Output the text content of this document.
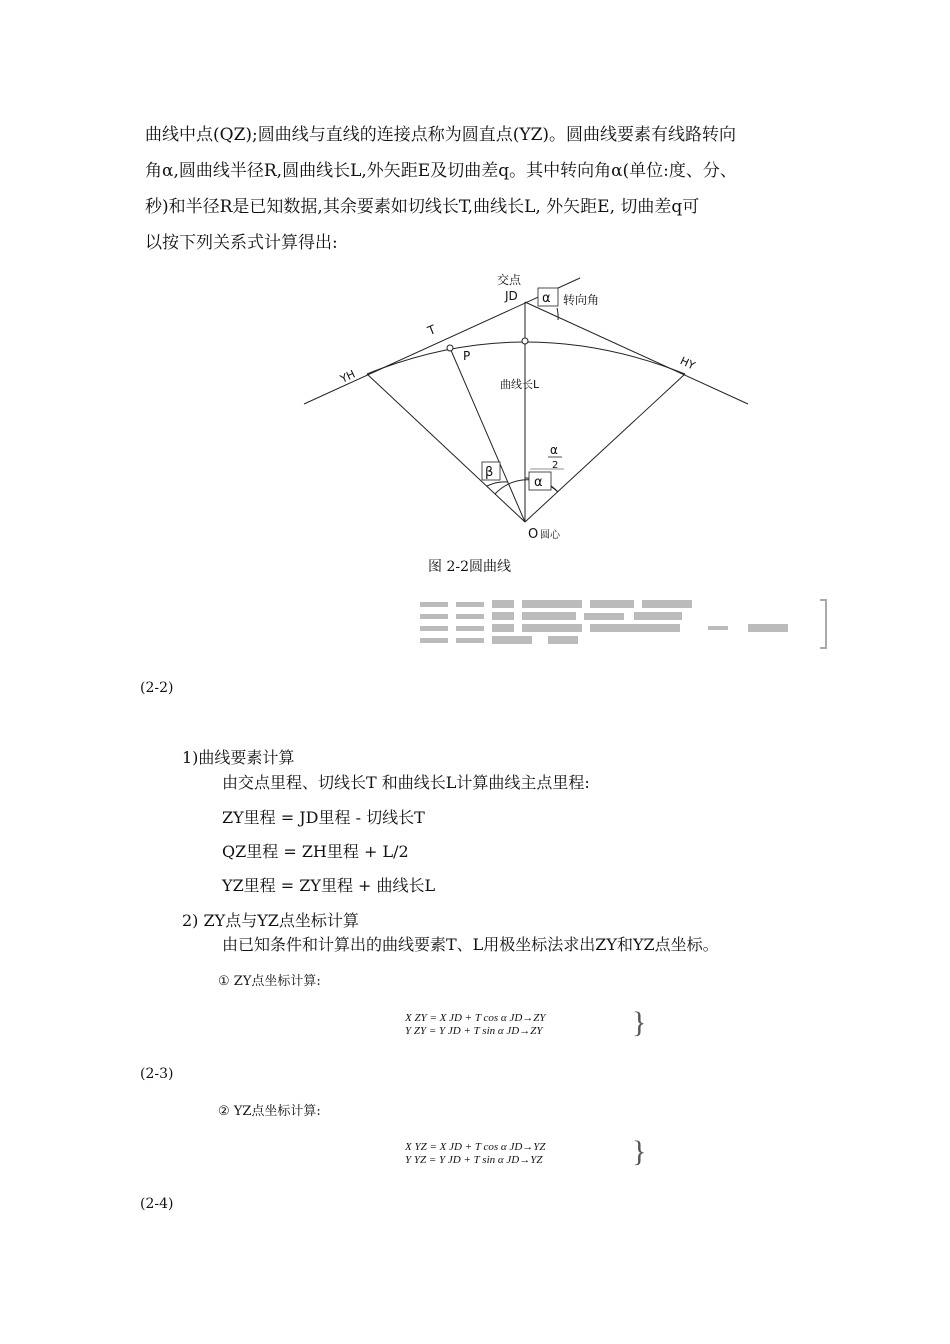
曲线中点(QZ);圆曲线与直线的连接点称为圆直点(YZ)。圆曲线要素有线路转向
角α,圆曲线半径R,圆曲线长L,外矢距E及切曲差q。其中转向角α(单位:度、分、
秒)和半径R是已知数据,其余要素如切线长T,曲线长L, 外矢距E, 切曲差q可
以按下列关系式计算得出:
交点
JD α 转向角
T
P
YH
HY
曲线长L
β
α
2
α
O 圆心
图 2-2圆曲线
(2-2)
1)曲线要素计算
由交点里程、切线长T 和曲线长L计算曲线主点里程:
ZY里程 = JD里程 - 切线长T
QZ里程 = ZH里程 + L/2
YZ里程 = ZY里程 + 曲线长L
2) ZY点与YZ点坐标计算
由已知条件和计算出的曲线要素T、L用极坐标法求出ZY和YZ点坐标。
① ZY点坐标计算:
X ZY = X JD + T cos α JD→ZY
Y ZY = Y JD + T sin α JD→ZY	}
(2-3)
② YZ点坐标计算:
X YZ = X JD + T cos α JD→YZ
Y YZ = Y JD + T sin α JD→YZ	}
(2-4)
